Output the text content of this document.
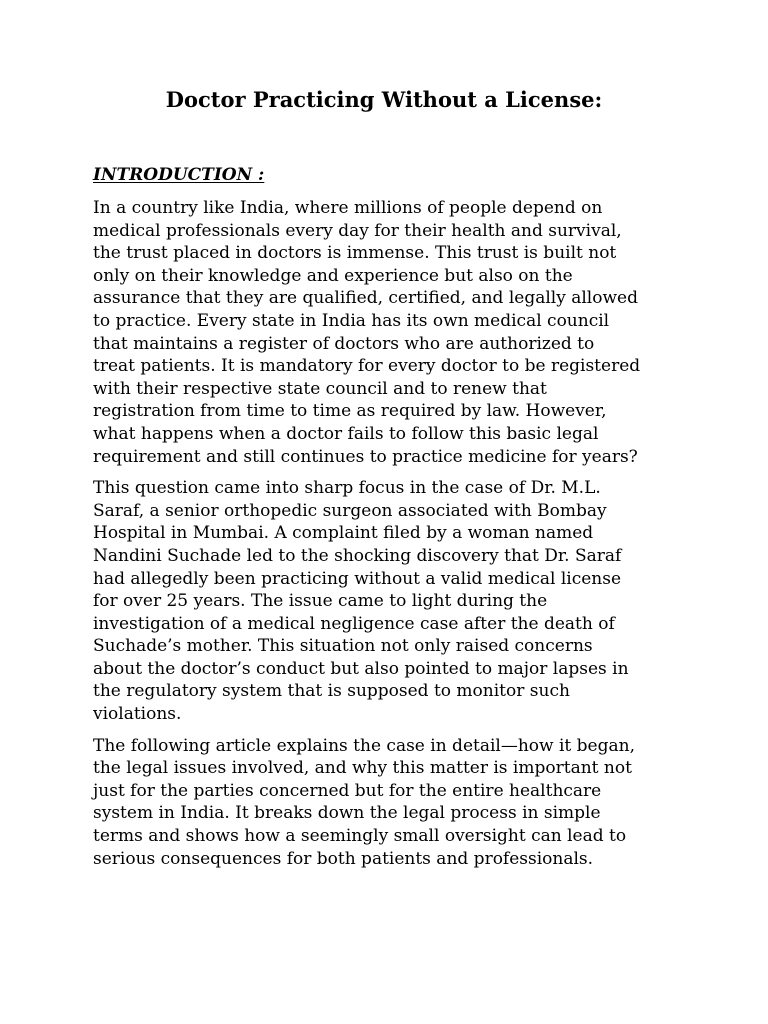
Doctor Practicing Without a License:
INTRODUCTION :

In a country like India, where millions of people depend on
medical professionals every day for their health and survival,
the trust placed in doctors is immense. This trust is built not
only on their knowledge and experience but also on the
assurance that they are qualified, certified, and legally allowed
to practice. Every state in India has its own medical council
that maintains a register of doctors who are authorized to
treat patients. It is mandatory for every doctor to be registered
with their respective state council and to renew that
registration from time to time as required by law. However,
what happens when a doctor fails to follow this basic legal
requirement and still continues to practice medicine for years?

This question came into sharp focus in the case of Dr. M.L.
Saraf, a senior orthopedic surgeon associated with Bombay
Hospital in Mumbai. A complaint filed by a woman named
Nandini Suchade led to the shocking discovery that Dr. Saraf
had allegedly been practicing without a valid medical license
for over 25 years. The issue came to light during the
investigation of a medical negligence case after the death of
Suchade’s mother. This situation not only raised concerns
about the doctor’s conduct but also pointed to major lapses in
the regulatory system that is supposed to monitor such
violations.

The following article explains the case in detail—how it began,
the legal issues involved, and why this matter is important not
just for the parties concerned but for the entire healthcare
system in India. It breaks down the legal process in simple
terms and shows how a seemingly small oversight can lead to
serious consequences for both patients and professionals.
